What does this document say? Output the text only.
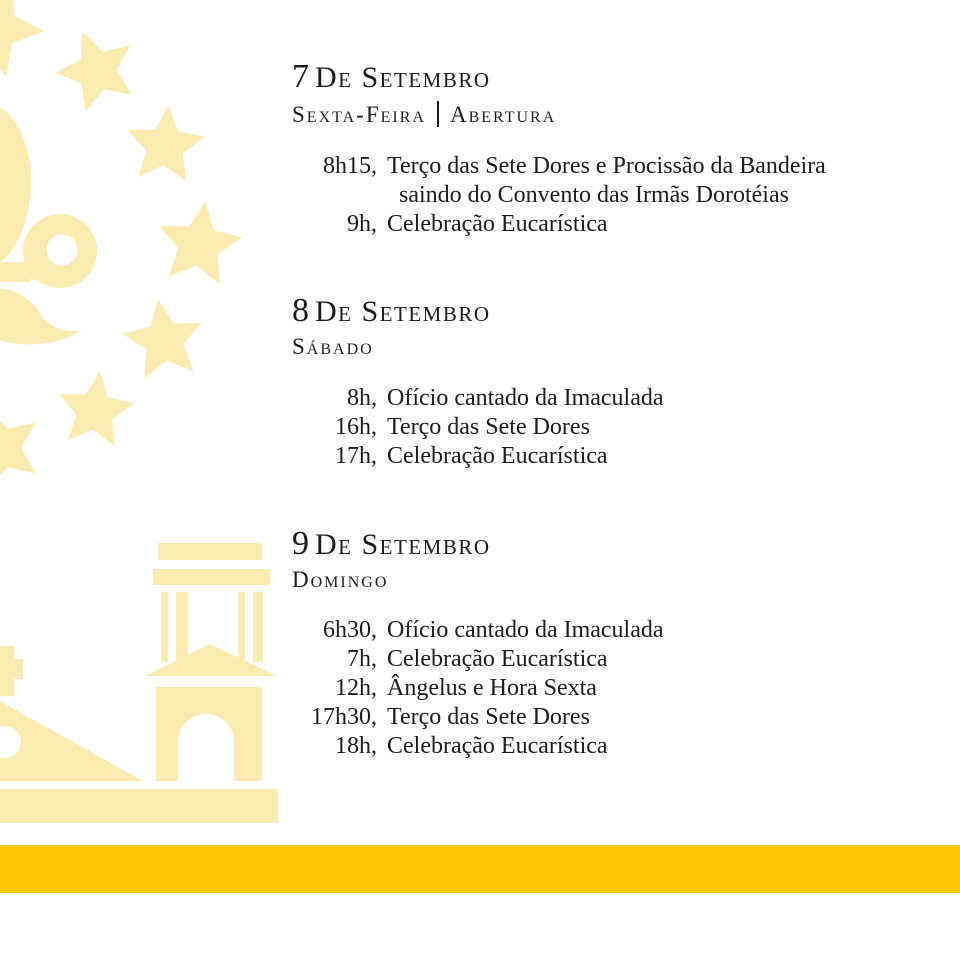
7 De Setembro
Sexta-Feira Abertura
8h15, Terço das Sete Dores e Procissão da Bandeira
saindo do Convento das Irmãs Dorotéias
9h, Celebração Eucarística
8 De Setembro
Sábado
8h, Ofício cantado da Imaculada
16h, Terço das Sete Dores
17h, Celebração Eucarística
9 De Setembro
Domingo
6h30, Ofício cantado da Imaculada
7h, Celebração Eucarística
12h, Ângelus e Hora Sexta
17h30, Terço das Sete Dores
18h, Celebração Eucarística
